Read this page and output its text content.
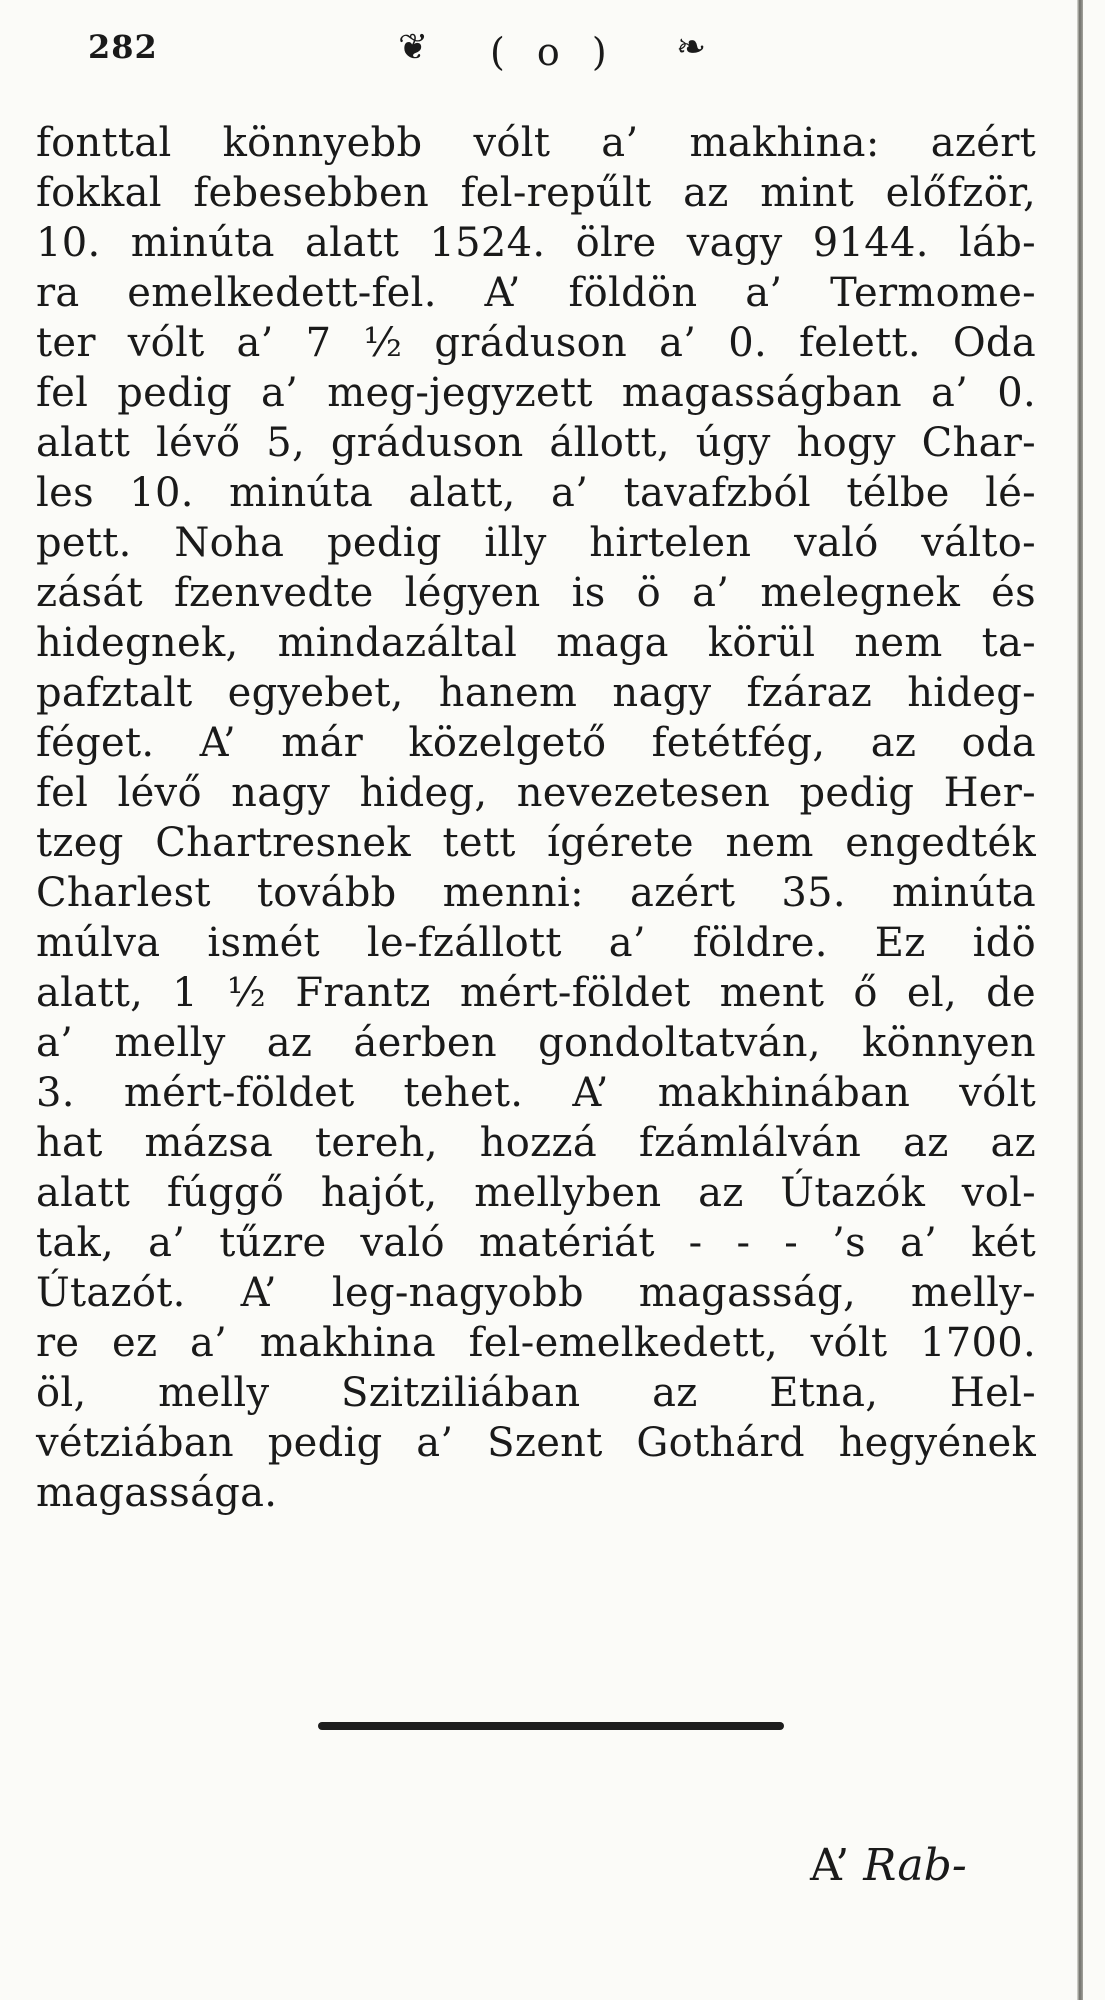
282	❦ ( o ) ❧
fonttal könnyebb vólt a’ makhina: azért
fokkal febesebben fel-repűlt az mint előfzör,
10. minúta alatt 1524. ölre vagy 9144. láb-
ra emelkedett-fel. A’ földön a’ Termome-
ter vólt a’ 7 ½ gráduson a’ 0. felett. Oda
fel pedig a’ meg-jegyzett magasságban a’ 0.
alatt lévő 5, gráduson állott, úgy hogy Char-
les 10. minúta alatt, a’ tavafzból télbe lé-
pett. Noha pedig illy hirtelen való válto-
zását fzenvedte légyen is ö a’ melegnek és
hidegnek, mindazáltal maga körül nem ta-
pafztalt egyebet, hanem nagy fzáraz hideg-
féget. A’ már közelgető fetétfég, az oda
fel lévő nagy hideg, nevezetesen pedig Her-
tzeg Chartresnek tett ígérete nem engedték
Charlest tovább menni: azért 35. minúta
múlva ismét le-fzállott a’ földre. Ez idö
alatt, 1 ½ Frantz mért-földet ment ő el, de
a’ melly az áerben gondoltatván, könnyen
3. mért-földet tehet. A’ makhinában vólt
hat mázsa tereh, hozzá fzámlálván az az
alatt fúggő hajót, mellyben az Útazók vol-
tak, a’ tűzre való matériát - - - ’s a’ két
Útazót. A’ leg-nagyobb magasság, melly-
re ez a’ makhina fel-emelkedett, vólt 1700.
öl, melly Szitziliában az Etna, Hel-
vétziában pedig a’ Szent Gothárd hegyének
magassága.
A’ Rab-
